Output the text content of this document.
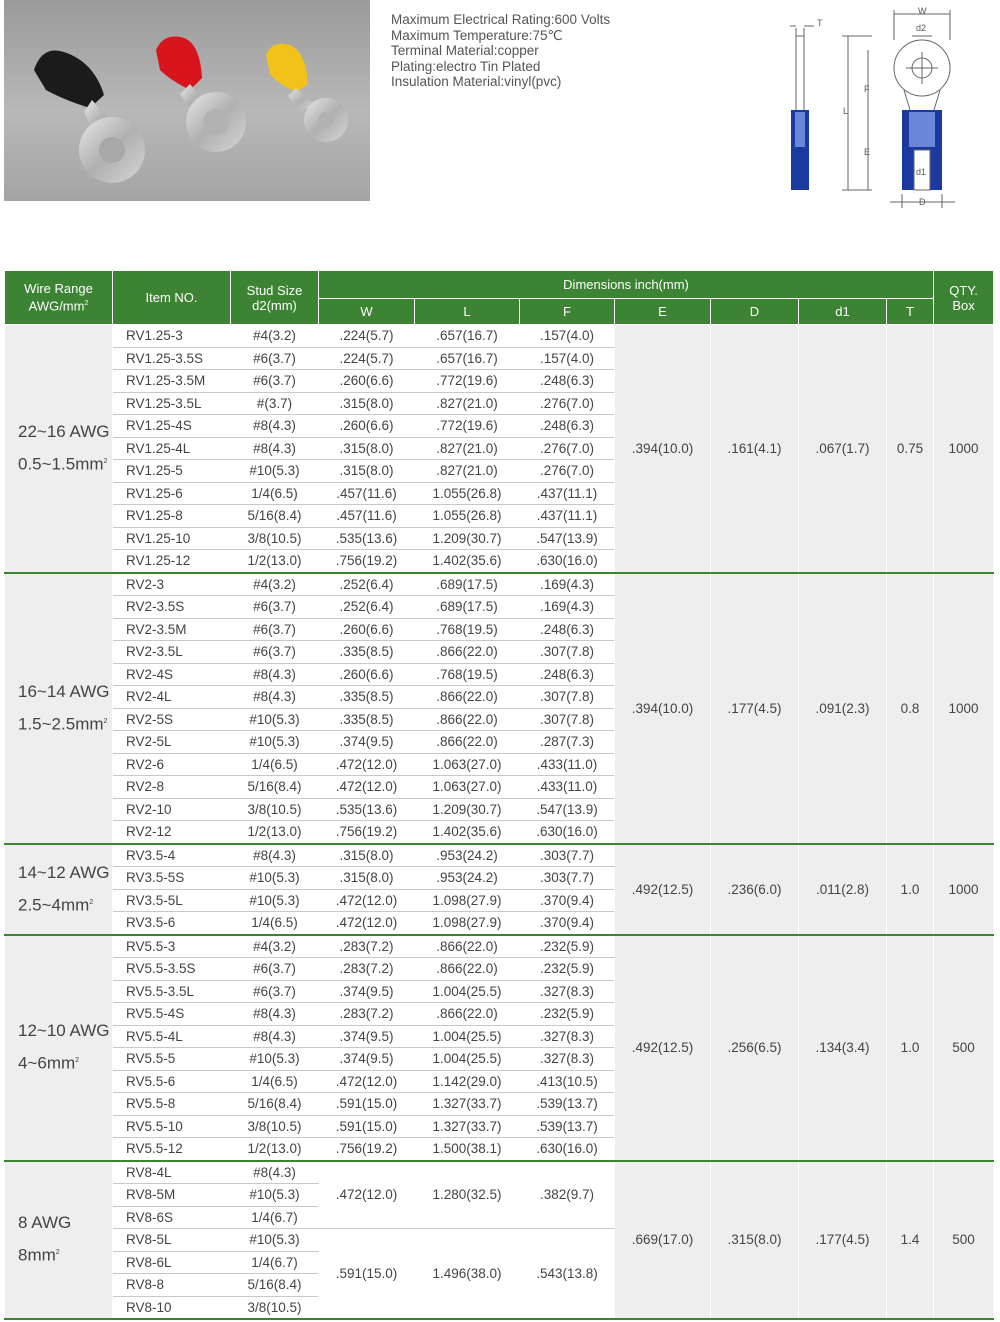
Maximum Electrical Rating:600 Volts
Maximum Temperature:75℃
Terminal Material:copper
Plating:electro Tin Plated
Insulation Material:vinyl(pvc)
T
L
F
E
W
d2
d1
D
Wire Range
AWG/$mm^2$	Item NO.	Stud Size
d2(mm)	Dimensions inch(mm)							QTY.
Box
			W	L	F	E	D	d1	T	

22~16 AWG
$0.5\sim 1.5mm^2$	RV1.25-3	#4(3.2)	.224(5.7)	.657(16.7)	.157(4.0)	.394(10.0)	.161(4.1)	.067(1.7)	0.75	1000
	RV1.25-3.5S	#6(3.7)	.224(5.7)	.657(16.7)	.157(4.0)					
	RV1.25-3.5M	#6(3.7)	.260(6.6)	.772(19.6)	.248(6.3)					
	RV1.25-3.5L	#(3.7)	.315(8.0)	.827(21.0)	.276(7.0)					
	RV1.25-4S	#8(4.3)	.260(6.6)	.772(19.6)	.248(6.3)					
	RV1.25-4L	#8(4.3)	.315(8.0)	.827(21.0)	.276(7.0)					
	RV1.25-5	#10(5.3)	.315(8.0)	.827(21.0)	.276(7.0)					
	RV1.25-6	1/4(6.5)	.457(11.6)	1.055(26.8)	.437(11.1)					
	RV1.25-8	5/16(8.4)	.457(11.6)	1.055(26.8)	.437(11.1)					
	RV1.25-10	3/8(10.5)	.535(13.6)	1.209(30.7)	.547(13.9)					
	RV1.25-12	1/2(13.0)	.756(19.2)	1.402(35.6)	.630(16.0)					

16~14 AWG
$1.5\sim 2.5mm^2$	RV2-3	#4(3.2)	.252(6.4)	.689(17.5)	.169(4.3)	.394(10.0)	.177(4.5)	.091(2.3)	0.8	1000
	RV2-3.5S	#6(3.7)	.252(6.4)	.689(17.5)	.169(4.3)					
	RV2-3.5M	#6(3.7)	.260(6.6)	.768(19.5)	.248(6.3)					
	RV2-3.5L	#6(3.7)	.335(8.5)	.866(22.0)	.307(7.8)					
	RV2-4S	#8(4.3)	.260(6.6)	.768(19.5)	.248(6.3)					
	RV2-4L	#8(4.3)	.335(8.5)	.866(22.0)	.307(7.8)					
	RV2-5S	#10(5.3)	.335(8.5)	.866(22.0)	.307(7.8)					
	RV2-5L	#10(5.3)	.374(9.5)	.866(22.0)	.287(7.3)					
	RV2-6	1/4(6.5)	.472(12.0)	1.063(27.0)	.433(11.0)					
	RV2-8	5/16(8.4)	.472(12.0)	1.063(27.0)	.433(11.0)					
	RV2-10	3/8(10.5)	.535(13.6)	1.209(30.7)	.547(13.9)					
	RV2-12	1/2(13.0)	.756(19.2)	1.402(35.6)	.630(16.0)					

14~12 AWG
$2.5\sim 4mm^2$	RV3.5-4	#8(4.3)	.315(8.0)	.953(24.2)	.303(7.7)	.492(12.5)	.236(6.0)	.011(2.8)	1.0	1000
	RV3.5-5S	#10(5.3)	.315(8.0)	.953(24.2)	.303(7.7)					
	RV3.5-5L	#10(5.3)	.472(12.0)	1.098(27.9)	.370(9.4)					
	RV3.5-6	1/4(6.5)	.472(12.0)	1.098(27.9)	.370(9.4)					

12~10 AWG
$4\sim 6mm^2$	RV5.5-3	#4(3.2)	.283(7.2)	.866(22.0)	.232(5.9)	.492(12.5)	.256(6.5)	.134(3.4)	1.0	500
	RV5.5-3.5S	#6(3.7)	.283(7.2)	.866(22.0)	.232(5.9)					
	RV5.5-3.5L	#6(3.7)	.374(9.5)	1.004(25.5)	.327(8.3)					
	RV5.5-4S	#8(4.3)	.283(7.2)	.866(22.0)	.232(5.9)					
	RV5.5-4L	#8(4.3)	.374(9.5)	1.004(25.5)	.327(8.3)					
	RV5.5-5	#10(5.3)	.374(9.5)	1.004(25.5)	.327(8.3)					
	RV5.5-6	1/4(6.5)	.472(12.0)	1.142(29.0)	.413(10.5)					
	RV5.5-8	5/16(8.4)	.591(15.0)	1.327(33.7)	.539(13.7)					
	RV5.5-10	3/8(10.5)	.591(15.0)	1.327(33.7)	.539(13.7)					
	RV5.5-12	1/2(13.0)	.756(19.2)	1.500(38.1)	.630(16.0)					

8 AWG
$8mm^2$	RV8-4L	#8(4.3)	.472(12.0)	1.280(32.5)	.382(9.7)	.669(17.0)	.315(8.0)	.177(4.5)	1.4	500
	RV8-5M	#10(5.3)								
	RV8-6S	1/4(6.7)								
	RV8-5L	#10(5.3)	.591(15.0)	1.496(38.0)	.543(13.8)					
	RV8-6L	1/4(6.7)								
	RV8-8	5/16(8.4)								
	RV8-10	3/8(10.5)								
